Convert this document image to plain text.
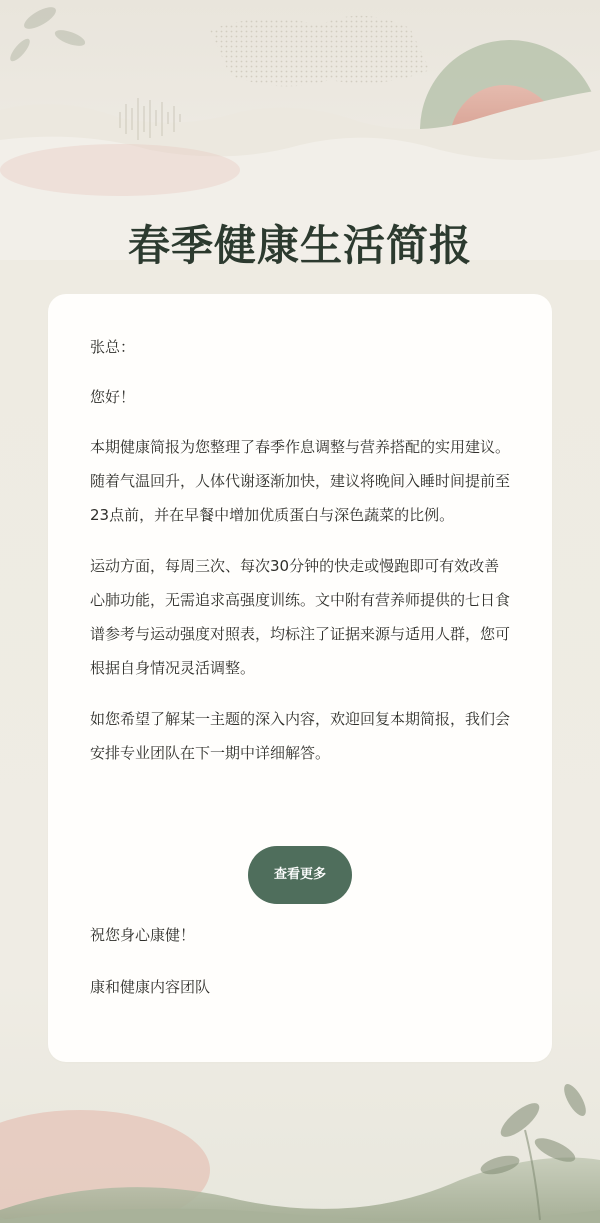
春季健康生活简报

张总：

您好！

本期健康简报为您整理了春季作息调整与营养搭配的实用建议。随着气温回升，人体代谢逐渐加快，建议将晚间入睡时间提前至23点前，并在早餐中增加优质蛋白与深色蔬菜的比例。

运动方面，每周三次、每次30分钟的快走或慢跑即可有效改善心肺功能，无需追求高强度训练。文中附有营养师提供的七日食谱参考与运动强度对照表，均标注了证据来源与适用人群，您可根据自身情况灵活调整。

如您希望了解某一主题的深入内容，欢迎回复本期简报，我们会安排专业团队在下一期中详细解答。

查看更多
祝您身心康健！
康和健康内容团队
